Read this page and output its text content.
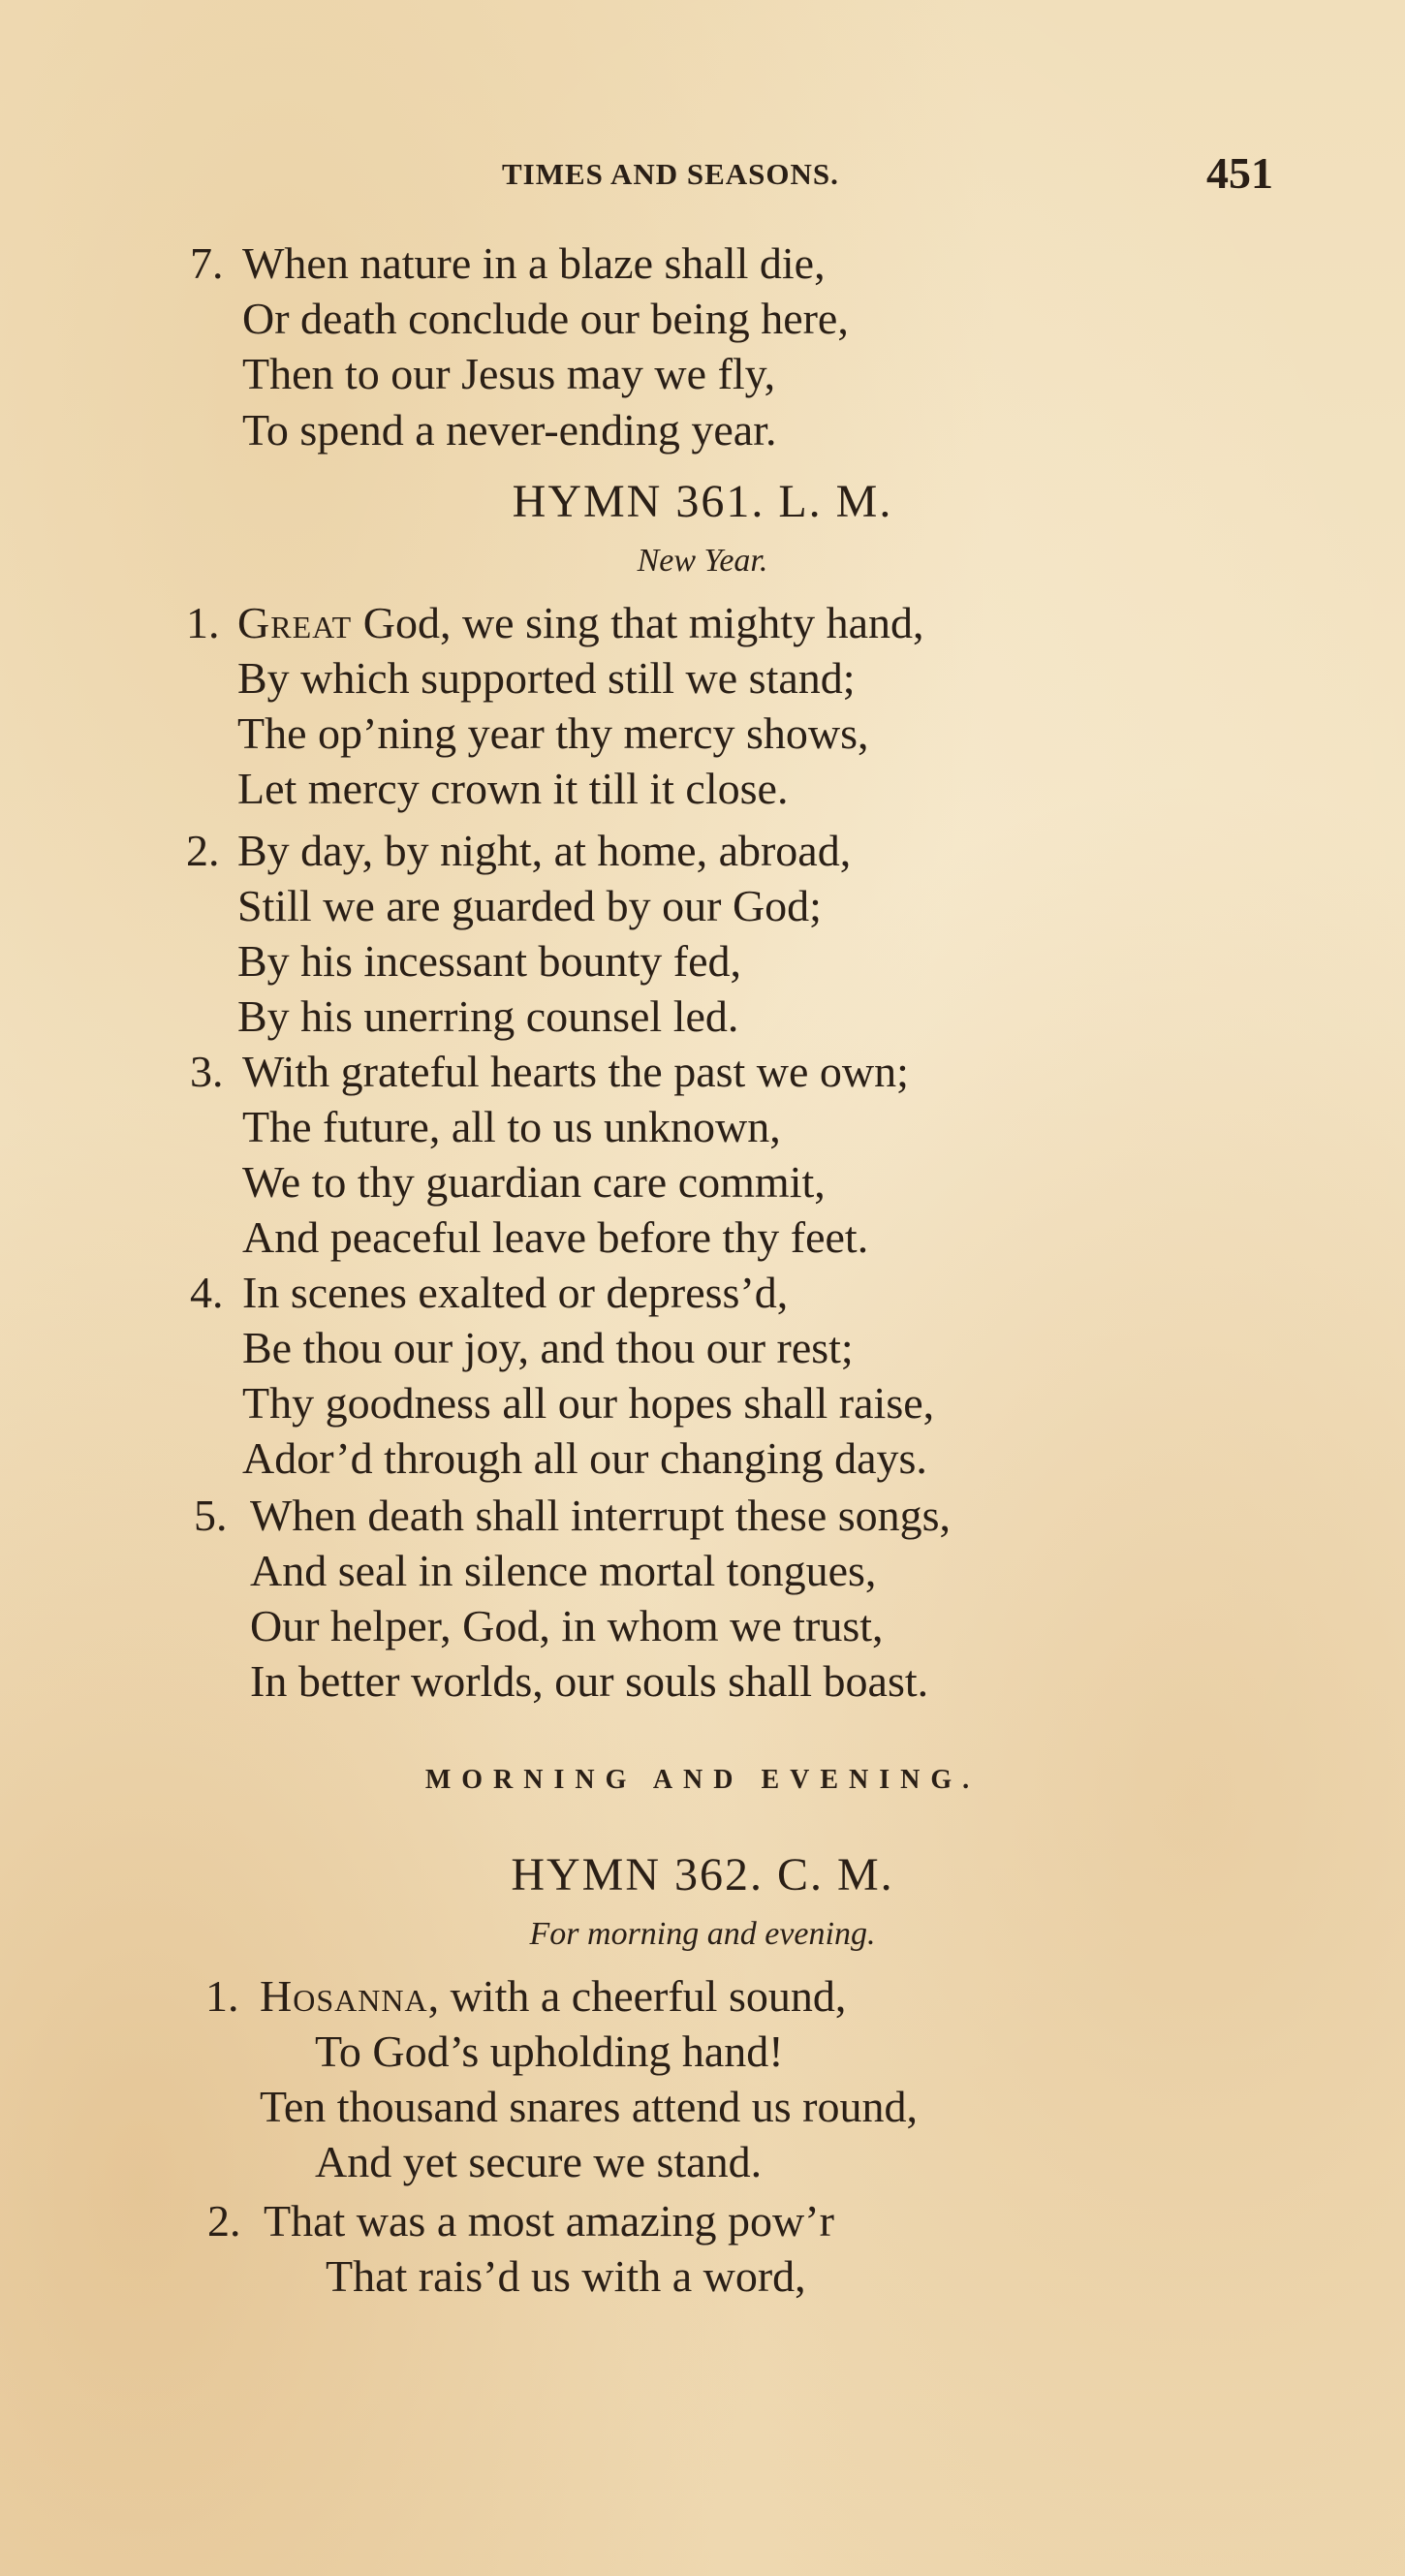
TIMES AND SEASONS.	451
7. When nature in a blaze shall die,
Or death conclude our being here,
Then to our Jesus may we fly,
To spend a never-ending year.
HYMN 361. L. M.
New Year.
1. Great God, we sing that mighty hand,
By which supported still we stand;
The op’ning year thy mercy shows,
Let mercy crown it till it close.
2. By day, by night, at home, abroad,
Still we are guarded by our God;
By his incessant bounty fed,
By his unerring counsel led.
3. With grateful hearts the past we own;
The future, all to us unknown,
We to thy guardian care commit,
And peaceful leave before thy feet.
4. In scenes exalted or depress’d,
Be thou our joy, and thou our rest;
Thy goodness all our hopes shall raise,
Ador’d through all our changing days.
5. When death shall interrupt these songs,
And seal in silence mortal tongues,
Our helper, God, in whom we trust,
In better worlds, our souls shall boast.
MORNING AND EVENING.
HYMN 362. C. M.
For morning and evening.
1. Hosanna, with a cheerful sound,
To God’s upholding hand!
Ten thousand snares attend us round,
And yet secure we stand.
2. That was a most amazing pow’r
That rais’d us with a word,
